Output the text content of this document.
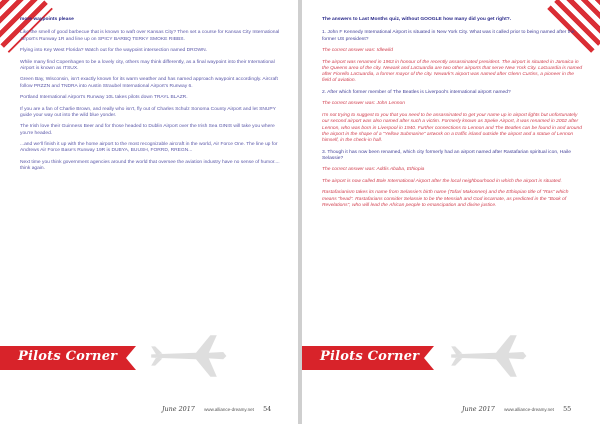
more waypoints please

Like the smell of good barbecue that is known to waft over Kansas City? Then set a course for Kansas City International Airport's Runway 1R and line up on SPICY BARBQ TERKY SMOKE RIBBS.

Flying into Key West Florida? Watch out for the waypoint intersection named DROWN.

While many find Copenhagen to be a lovely city, others may think differently, as a final waypoint into their International Airport is known as ITSUX.

Green Bay, Wisconsin, isn't exactly known for its warm weather and has named approach waypoint accordingly. Aircraft follow PRZZN and TNDRA into Austin Straubel International Airport's Runway 6.

Portland International Airport's Runway 10L takes pilots down TRAYL BLAZR.

If you are a fan of Charlie Brown, and really who isn't, fly out of Charles Schulz Sonoma County Airport and let SNUPY guide your way out into the wild blue yonder.

The Irish love their Guinness Beer and for those headed to Dublin Airport over the Irish Sea GINIS will take you where you're headed.

...and we'll finish it up with the home airport to the most recognizable aircraft in the world, Air Force One. The line up for Andrews Air Force Base's Runway 19R is DUBYA, BUUSH, FORRD, RREGN...

Next time you think government agencies around the world that oversee the aviation industry have no sense of humor.... think again.

Pilots Corner
June 2017 www.alliance-dreamy.net 54

The answers to Last Months quiz, without GOOGLE how many did you get right?.

1. John F Kennedy International Airport is situated in New York City. What was it called prior to being named after the former US president?

The correct answer was: Idlewild

The airport was renamed in 1963 in honour of the recently assassinated president. The airport is situated in Jamaica in the Queens area of the city. Newark and LaGuardia are two other airports that serve New York City. LaGuardia is named after Fiorello LaGuardia, a former mayor of the city. Newark's airport was named after Glenn Curtiss, a pioneer in the field of aviation.

2. After which former member of The Beatles is Liverpool's international airport named?

The correct answer was: John Lennon

I'm not trying to suggest to you that you need to be assassinated to get your name up in airport lights but unfortunately our second airport was also named after such a victim. Formerly known as Speke Airport, it was renamed in 2002 after Lennon, who was born in Liverpool in 1940. Further connections to Lennon and The Beatles can be found in and around the airport in the shape of a "Yellow Submarine" artwork on a traffic island outside the airport and a statue of Lennon himself, in the check-in hall.

3. Though it has now been renamed, which city formerly had an airport named after Rastafarian spiritual icon, Haile Selassie?

The correct answer was: Addis Ababa, Ethiopia

The airport is now called Bole International Airport after the local neighbourhood in which the airport is situated.

Rastafarianism takes its name from Selassie's birth name (Tafari Makonnen) and the Ethiopian title of "Ras" which means "head". Rastafarians consider Selassie to be the Messiah and God incarnate, as predicted in the "Book of Revelations", who will lead the African people to emancipation and divine justice.

Pilots Corner
June 2017 www.alliance-dreamy.net 55
